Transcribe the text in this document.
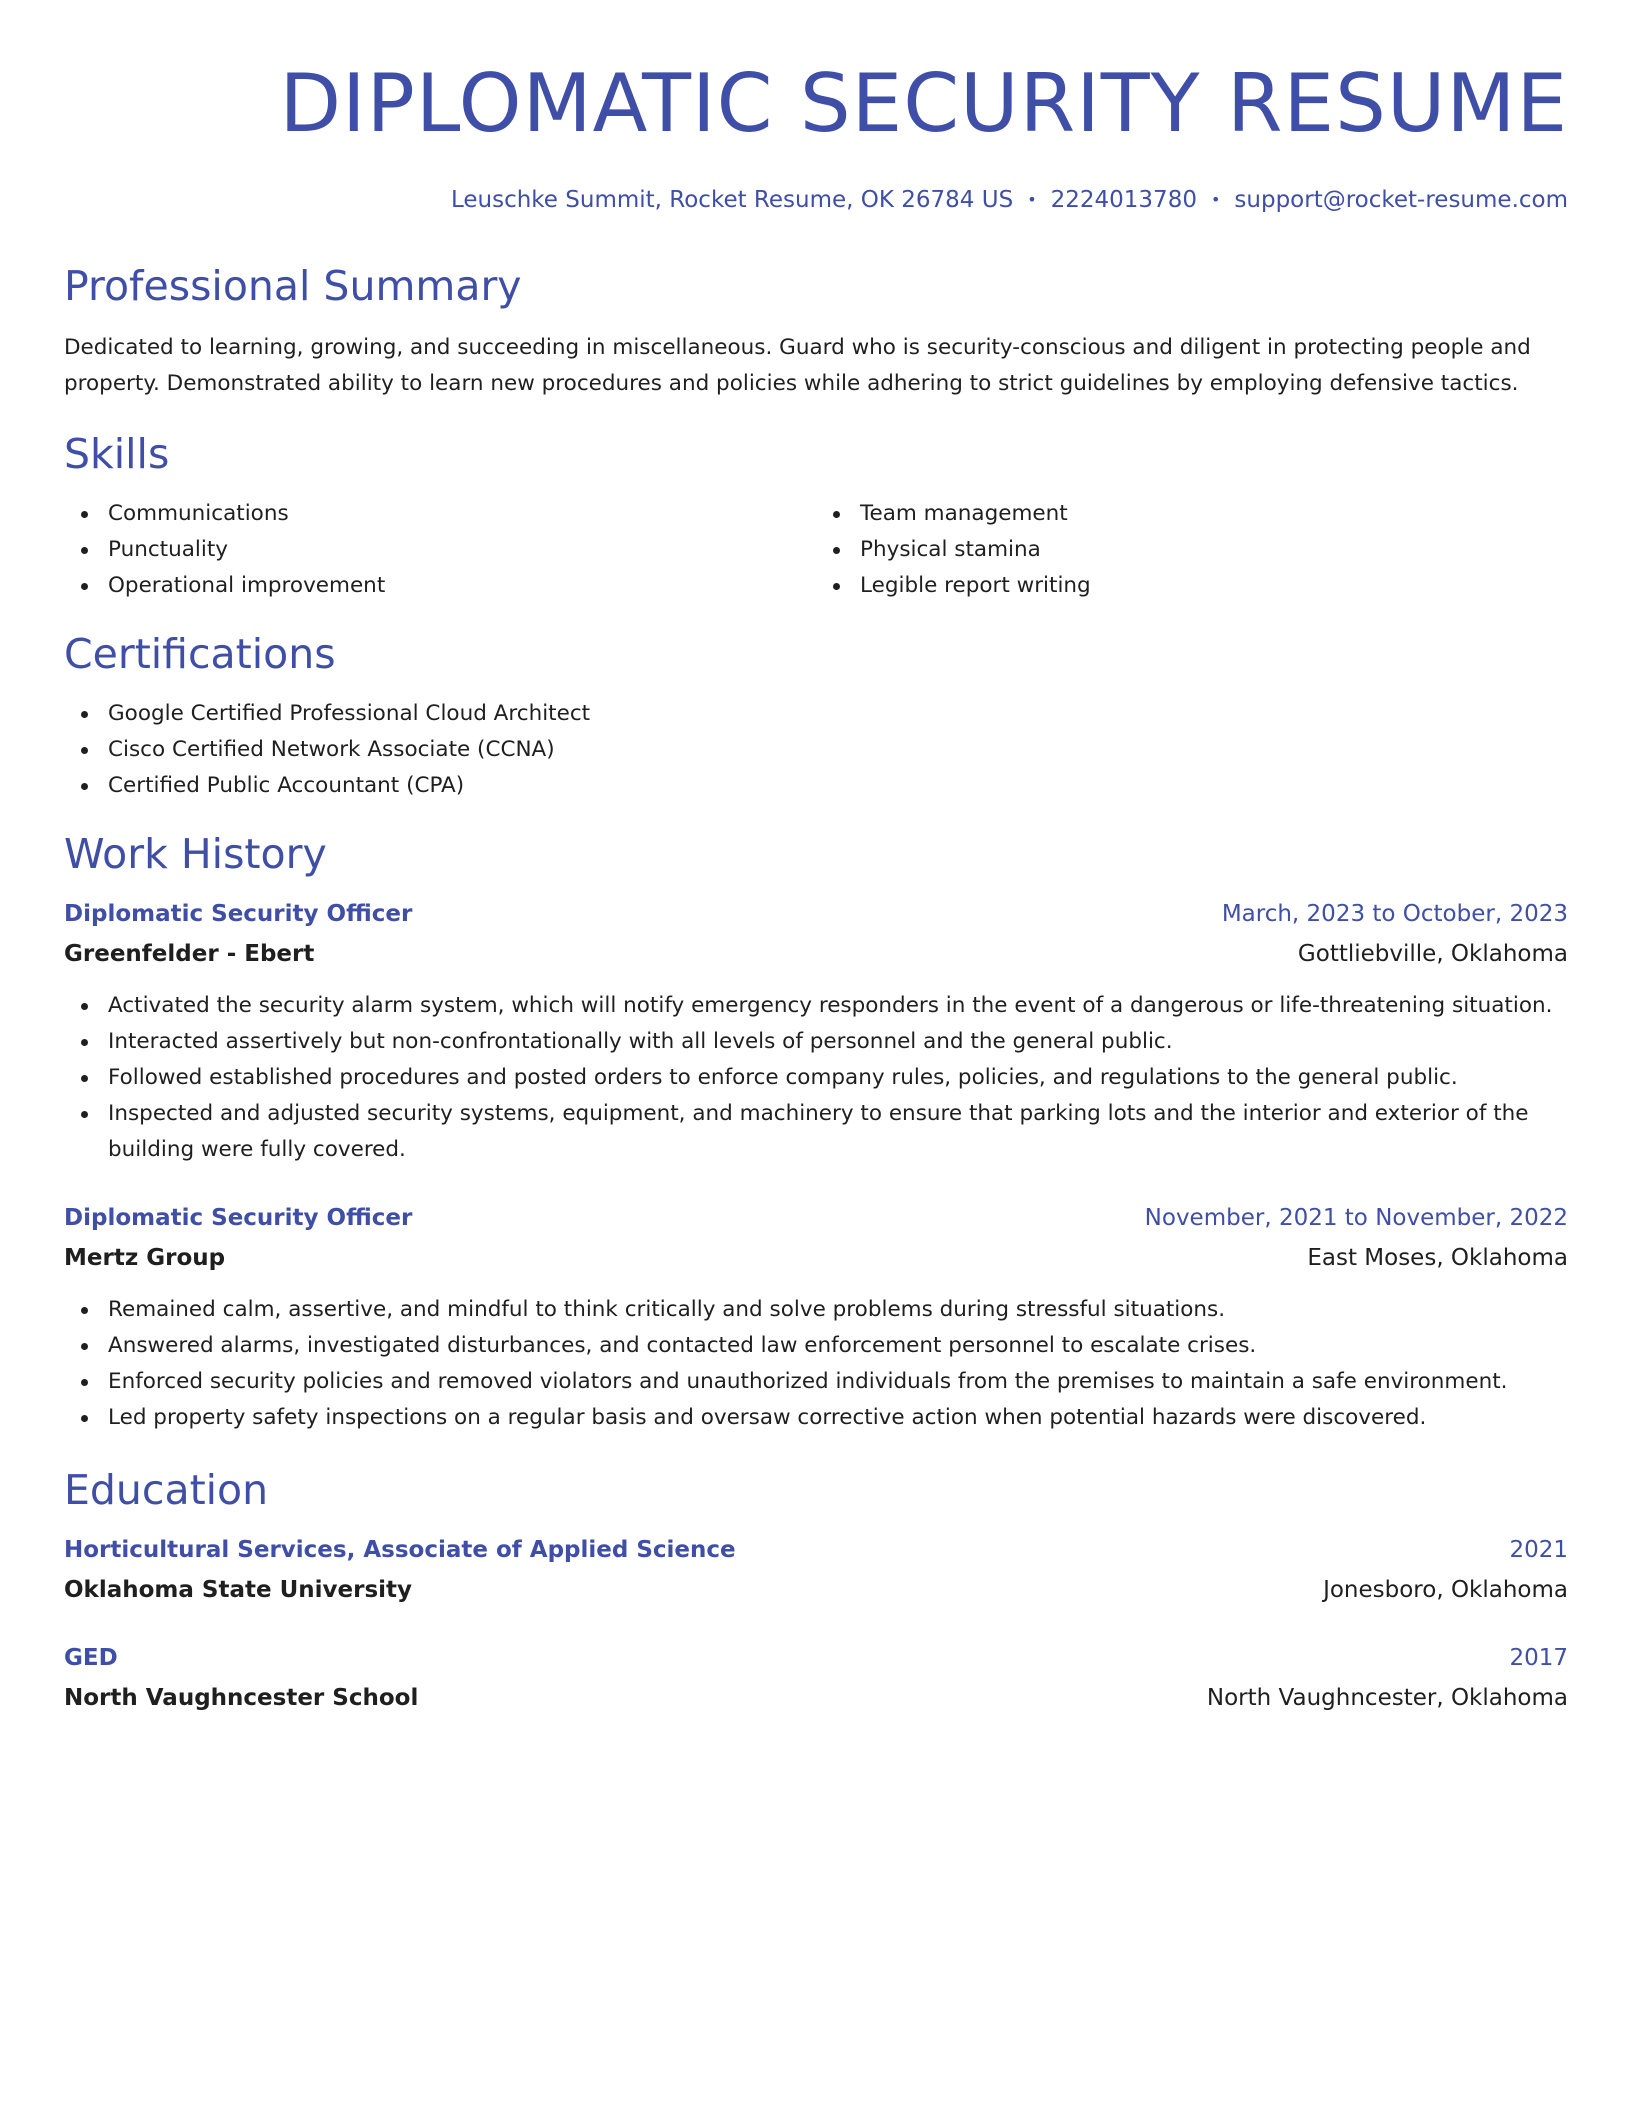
DIPLOMATIC SECURITY RESUME
Leuschke Summit, Rocket Resume, OK 26784 US • 2224013780 • support@rocket-resume.com
Professional Summary

Dedicated to learning, growing, and succeeding in miscellaneous. Guard who is security-conscious and diligent in protecting people and property. Demonstrated ability to learn new procedures and policies while adhering to strict guidelines by employing defensive tactics.

Skills
Communications
Punctuality
Operational improvement
Team management
Physical stamina
Legible report writing
Certifications
Google Certified Professional Cloud Architect
Cisco Certified Network Associate (CCNA)
Certified Public Accountant (CPA)
Work History
Diplomatic Security Officer	March, 2023 to October, 2023
Greenfelder - Ebert	Gottliebville, Oklahoma
Activated the security alarm system, which will notify emergency responders in the event of a dangerous or life-threatening situation.
Interacted assertively but non-confrontationally with all levels of personnel and the general public.
Followed established procedures and posted orders to enforce company rules, policies, and regulations to the general public.
Inspected and adjusted security systems, equipment, and machinery to ensure that parking lots and the interior and exterior of the building were fully covered.
Diplomatic Security Officer	November, 2021 to November, 2022
Mertz Group	East Moses, Oklahoma
Remained calm, assertive, and mindful to think critically and solve problems during stressful situations.
Answered alarms, investigated disturbances, and contacted law enforcement personnel to escalate crises.
Enforced security policies and removed violators and unauthorized individuals from the premises to maintain a safe environment.
Led property safety inspections on a regular basis and oversaw corrective action when potential hazards were discovered.
Education
Horticultural Services, Associate of Applied Science	2021
Oklahoma State University	Jonesboro, Oklahoma
GED	2017
North Vaughncester School	North Vaughncester, Oklahoma
